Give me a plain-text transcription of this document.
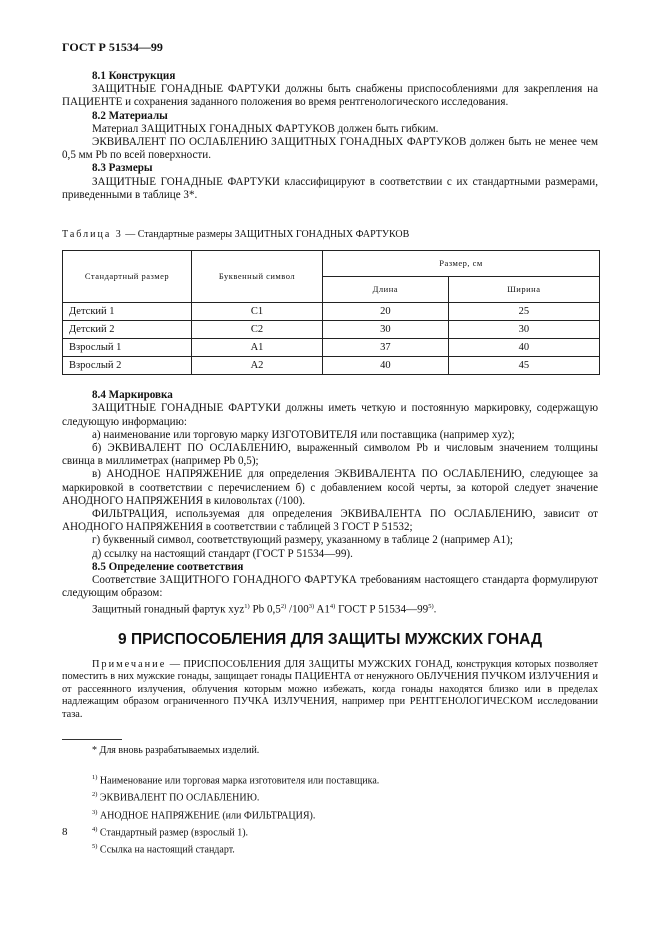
ГОСТ Р 51534—99
8.1 Конструкция
ЗАЩИТНЫЕ ГОНАДНЫЕ ФАРТУКИ должны быть снабжены приспособлениями для закрепления на ПАЦИЕНТЕ и сохранения заданного положения во время рентгенологического исследования.
8.2 Материалы
Материал ЗАЩИТНЫХ ГОНАДНЫХ ФАРТУКОВ должен быть гибким.
ЭКВИВАЛЕНТ ПО ОСЛАБЛЕНИЮ ЗАЩИТНЫХ ГОНАДНЫХ ФАРТУКОВ должен быть не менее чем 0,5 мм Pb по всей поверхности.
8.3 Размеры
ЗАЩИТНЫЕ ГОНАДНЫЕ ФАРТУКИ классифицируют в соответствии с их стандартными размерами, приведенными в таблице 3*.
Таблица 3 — Стандартные размеры ЗАЩИТНЫХ ГОНАДНЫХ ФАРТУКОВ
Стандартный размер	Буквенный символ	Размер, см	
		Длина	Ширина
Детский 1	C1	20	25
Детский 2	C2	30	30
Взрослый 1	A1	37	40
Взрослый 2	A2	40	45
8.4 Маркировка
ЗАЩИТНЫЕ ГОНАДНЫЕ ФАРТУКИ должны иметь четкую и постоянную маркировку, содержащую следующую информацию:
а) наименование или торговую марку ИЗГОТОВИТЕЛЯ или поставщика (например xyz);
б) ЭКВИВАЛЕНТ ПО ОСЛАБЛЕНИЮ, выраженный символом Pb и числовым значением толщины свинца в миллиметрах (например Pb 0,5);
в) АНОДНОЕ НАПРЯЖЕНИЕ для определения ЭКВИВАЛЕНТА ПО ОСЛАБЛЕНИЮ, следующее за маркировкой в соответствии с перечислением б) с добавлением косой черты, за которой следует значение АНОДНОГО НАПРЯЖЕНИЯ в киловольтах (/100).
ФИЛЬТРАЦИЯ, используемая для определения ЭКВИВАЛЕНТА ПО ОСЛАБЛЕНИЮ, зависит от АНОДНОГО НАПРЯЖЕНИЯ в соответствии с таблицей 3 ГОСТ Р 51532;
г) буквенный символ, соответствующий размеру, указанному в таблице 2 (например A1);
д) ссылку на настоящий стандарт (ГОСТ Р 51534—99).
8.5 Определение соответствия
Соответствие ЗАЩИТНОГО ГОНАДНОГО ФАРТУКА требованиям настоящего стандарта формулируют следующим образом:
Защитный гонадный фартук xyz$^{1)}$ Pb 0,5$^{2)}$ /100$^{3)}$ A1$^{4)}$ ГОСТ Р 51534—99$^{5)}$.
9 ПРИСПОСОБЛЕНИЯ ДЛЯ ЗАЩИТЫ МУЖСКИХ ГОНАД
Примечание — ПРИСПОСОБЛЕНИЯ ДЛЯ ЗАЩИТЫ МУЖСКИХ ГОНАД, конструкция которых позволяет поместить в них мужские гонады, защищает гонады ПАЦИЕНТА от ненужного ОБЛУЧЕНИЯ ПУЧКОМ ИЗЛУЧЕНИЯ и от рассеянного излучения, облучения которым можно избежать, когда гонады находятся близко или в пределах надлежащим образом ограниченного ПУЧКА ИЗЛУЧЕНИЯ, например при РЕНТГЕНОЛОГИЧЕСКОМ исследовании таза.
* Для вновь разрабатываемых изделий.
$^{1)}$ Наименование или торговая марка изготовителя или поставщика.
$^{2)}$ ЭКВИВАЛЕНТ ПО ОСЛАБЛЕНИЮ.
$^{3)}$ АНОДНОЕ НАПРЯЖЕНИЕ (или ФИЛЬТРАЦИЯ).
$^{4)}$ Стандартный размер (взрослый 1).
$^{5)}$ Ссылка на настоящий стандарт.
8
